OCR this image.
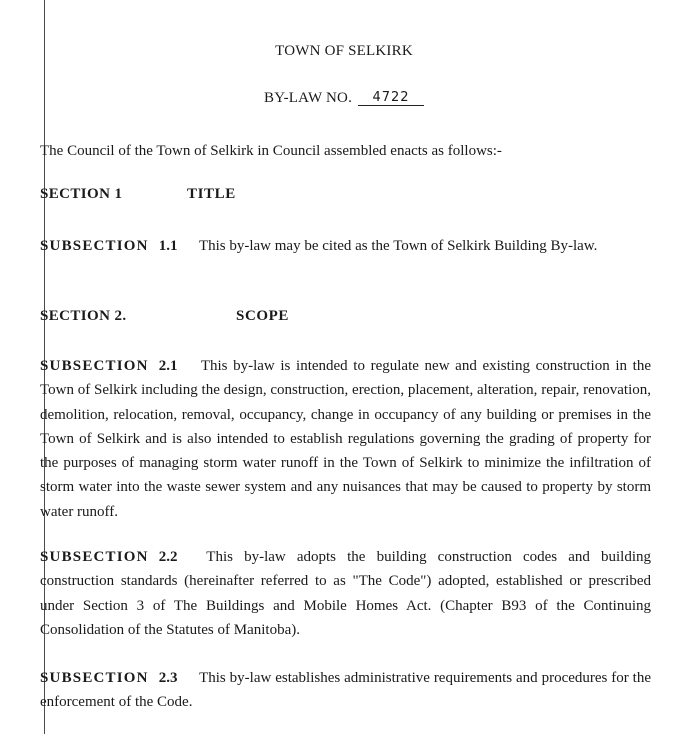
TOWN OF SELKIRK
BY-LAW NO. 4722
The Council of the Town of Selkirk in Council assembled enacts as follows:-
SECTION 1	TITLE
SUBSECTION 1.1 This by-law may be cited as the Town of Selkirk Building By-law.
SECTION 2.	SCOPE
SUBSECTION 2.1 This by-law is intended to regulate new and existing construction in the Town of Selkirk including the design, construction, erection, placement, alteration, repair, renovation, demolition, relocation, removal, occupancy, change in occupancy of any building or premises in the Town of Selkirk and is also intended to establish regulations governing the grading of property for the purposes of managing storm water runoff in the Town of Selkirk to minimize the infiltration of storm water into the waste sewer system and any nuisances that may be caused to property by storm water runoff.
SUBSECTION 2.2 This by-law adopts the building construction codes and building construction standards (hereinafter referred to as "The Code") adopted, established or prescribed under Section 3 of The Buildings and Mobile Homes Act. (Chapter B93 of the Continuing Consolidation of the Statutes of Manitoba).
SUBSECTION 2.3 This by-law establishes administrative requirements and procedures for the enforcement of the Code.
